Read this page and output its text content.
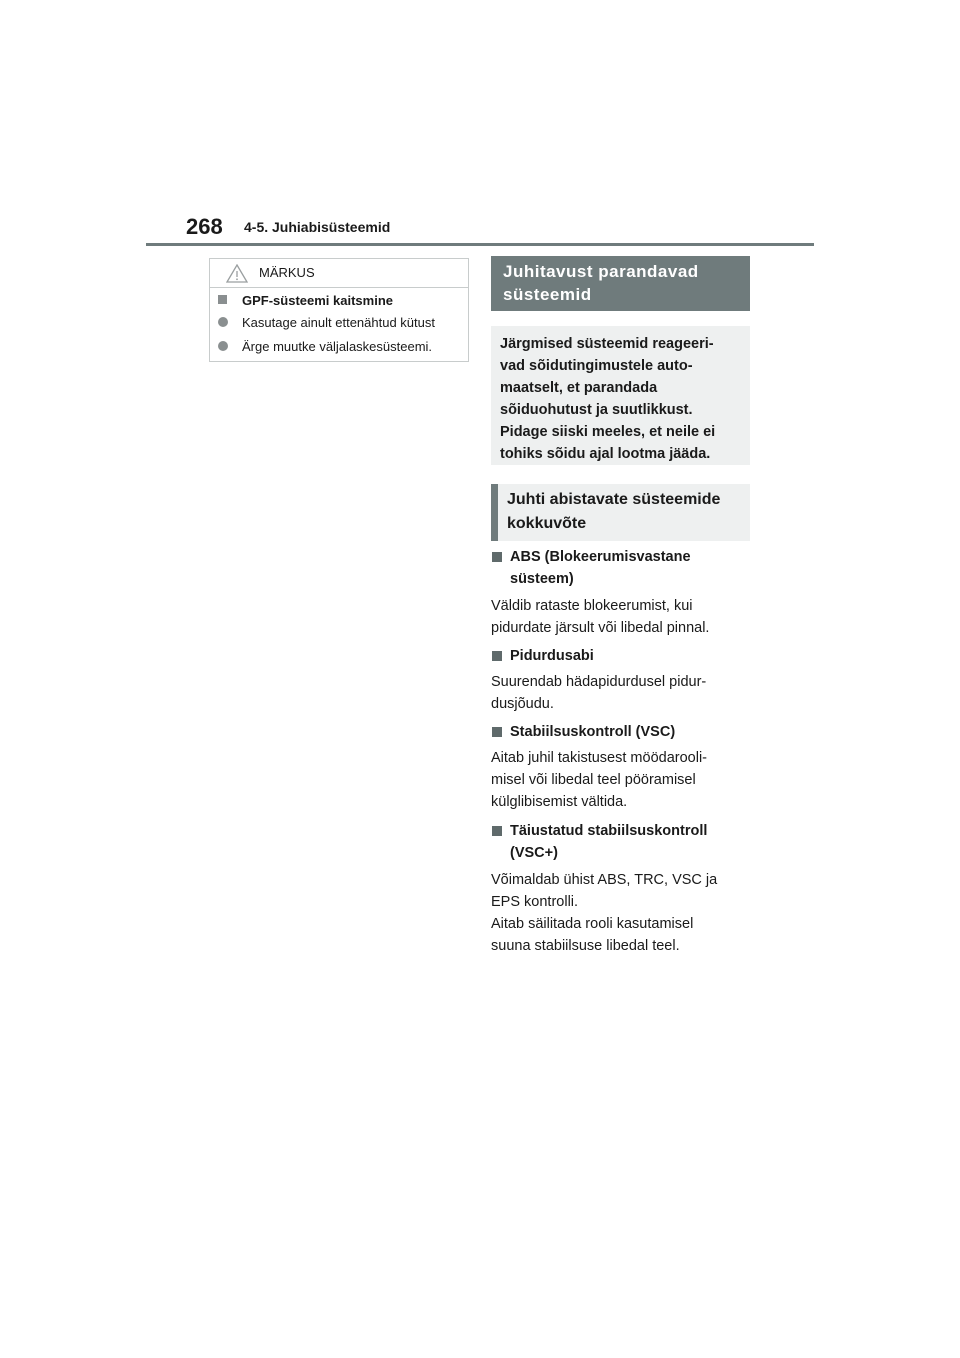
268 4-5. Juhiabisüsteemid
MÄRKUS
GPF-süsteemi kaitsmine
Kasutage ainult ettenähtud kütust
Ärge muutke väljalaskesüsteemi.
Juhitavust parandavad
süsteemid
Järgmised süsteemid reageeri-
vad sõidutingimustele auto-
maatselt, et parandada
sõiduohutust ja suutlikkust.
Pidage siiski meeles, et neile ei
tohiks sõidu ajal lootma jääda.
Juhti abistavate süsteemide
kokkuvõte
ABS (Blokeerumisvastane
süsteem)
Väldib rataste blokeerumist, kui
pidurdate järsult või libedal pinnal.
Pidurdusabi
Suurendab hädapidurdusel pidur-
dusjõudu.
Stabiilsuskontroll (VSC)
Aitab juhil takistusest möödarooli-
misel või libedal teel pööramisel
külglibisemist vältida.
Täiustatud stabiilsuskontroll
(VSC+)
Võimaldab ühist ABS, TRC, VSC ja
EPS kontrolli.
Aitab säilitada rooli kasutamisel
suuna stabiilsuse libedal teel.
